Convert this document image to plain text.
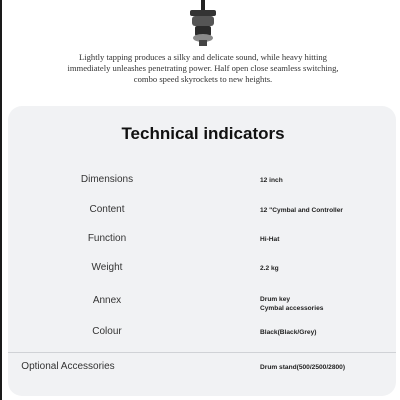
Lightly tapping produces a silky and delicate sound, while heavy hitting immediately unleashes penetrating power. Half open close seamless switching, combo speed skyrockets to new heights.
Technical indicators
Dimensions	12 inch
Content	12 "Cymbal and Controller
Function	Hi-Hat
Weight	2.2 kg
Annex	Drum key
Cymbal accessories
Colour	Black(Black/Grey)
Optional Accessories	Drum stand(500/2500/2800)
